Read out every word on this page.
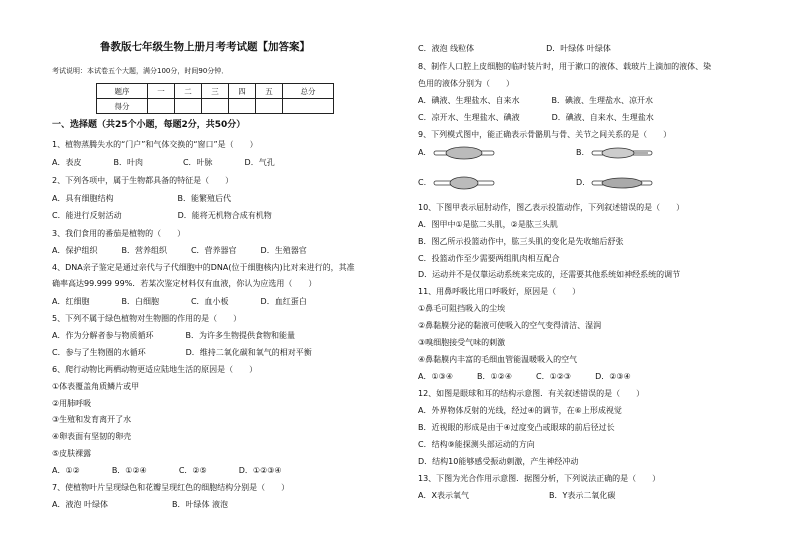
鲁教版七年级生物上册月考考试题【加答案】
考试说明：本试卷五个大题，满分100分，时间90分钟．
题序	一	二	三	四	五	总分
得分						
一、选择题（共25个小题，每题2分，共50分）
1、植物蒸腾失水的“门户”和气体交换的“窗口”是（　　）
A．表皮　　　　B．叶肉　　　　　C．叶脉　　　　D．气孔
2、下列各项中，属于生物都具备的特征是（　　）
A．具有细胞结构　　　　　　　　B．能繁殖后代
C．能进行反射活动　　　　　　　D．能将无机物合成有机物
3、我们食用的番茄是植物的（　　）
A．保护组织　　　B．营养组织　　　C．营养器官　　　D．生殖器官
4、DNA亲子鉴定是通过亲代与子代细胞中的DNA(位于细胞核内)比对来进行的，其准
确率高达99.999 99%．若某次鉴定材料仅有血液，你认为应选用（　　）
A．红细胞　　　　B．白细胞　　　　C．血小板　　　　D．血红蛋白
5、下列不属于绿色植物对生物圈的作用的是（　　）
A．作为分解者参与物质循环　　　　B．为许多生物提供食物和能量
C．参与了生物圈的水循环　　　　　D．维持二氧化碳和氧气的相对平衡
6、爬行动物比两栖动物更适应陆地生活的原因是（　　）
①体表覆盖角质鳞片或甲
②用肺呼吸
③生殖和发育离开了水
④卵表面有坚韧的卵壳
⑤皮肤裸露
A．①②　　　　B．①②④　　　　C．②⑤　　　　D．①②③④
7、使植物叶片呈现绿色和花瓣呈现红色的细胞结构分别是（　　）
A．液泡 叶绿体　　　　　　　　B．叶绿体 液泡
C．液泡 线粒体　　　　　　　　　D．叶绿体 叶绿体
8、制作人口腔上皮细胞的临时装片时，用于漱口的液体、载玻片上滴加的液体、染
色用的液体分别为（　　）
A．碘液、生理盐水、自来水　　　　B．碘液、生理盐水、凉开水
C．凉开水、生理盐水、碘液　　　　D．碘液、自来水、生理盐水
9、下列模式图中，能正确表示骨骼肌与骨、关节之间关系的是（　　）
A.	B.
C.	D.
10、下图甲表示屈肘动作，图乙表示投篮动作，下列叙述错误的是（　　）
A．图甲中①是肱二头肌，②是肱三头肌
B．图乙所示投篮动作中，肱三头肌的变化是先收缩后舒张
C．投篮动作至少需要两组肌肉相互配合
D．运动并不是仅靠运动系统来完成的，还需要其他系统如神经系统的调节
11、用鼻呼吸比用口呼吸好，原因是（　　）
①鼻毛可阻挡吸入的尘埃
②鼻黏膜分泌的黏液可使吸入的空气变得清洁、湿润
③嗅细胞接受气味的刺激
④鼻黏膜内丰富的毛细血管能温暖吸入的空气
A．①③④　　　B．①②④　　　C．①②③　　　D．②③④
12、如图是眼球和耳的结构示意图．有关叙述错误的是（　　）
A．外界物体反射的光线，经过④的调节，在⑥上形成视觉
B．近视眼的形成是由于④过度变凸或眼球的前后径过长
C．结构⑨能探测头部运动的方向
D．结构10能够感受振动刺激，产生神经冲动
13、下图为光合作用示意图．据图分析，下列说法正确的是（　　）
A．X表示氧气　　　　　　　　　　B．Y表示二氧化碳
